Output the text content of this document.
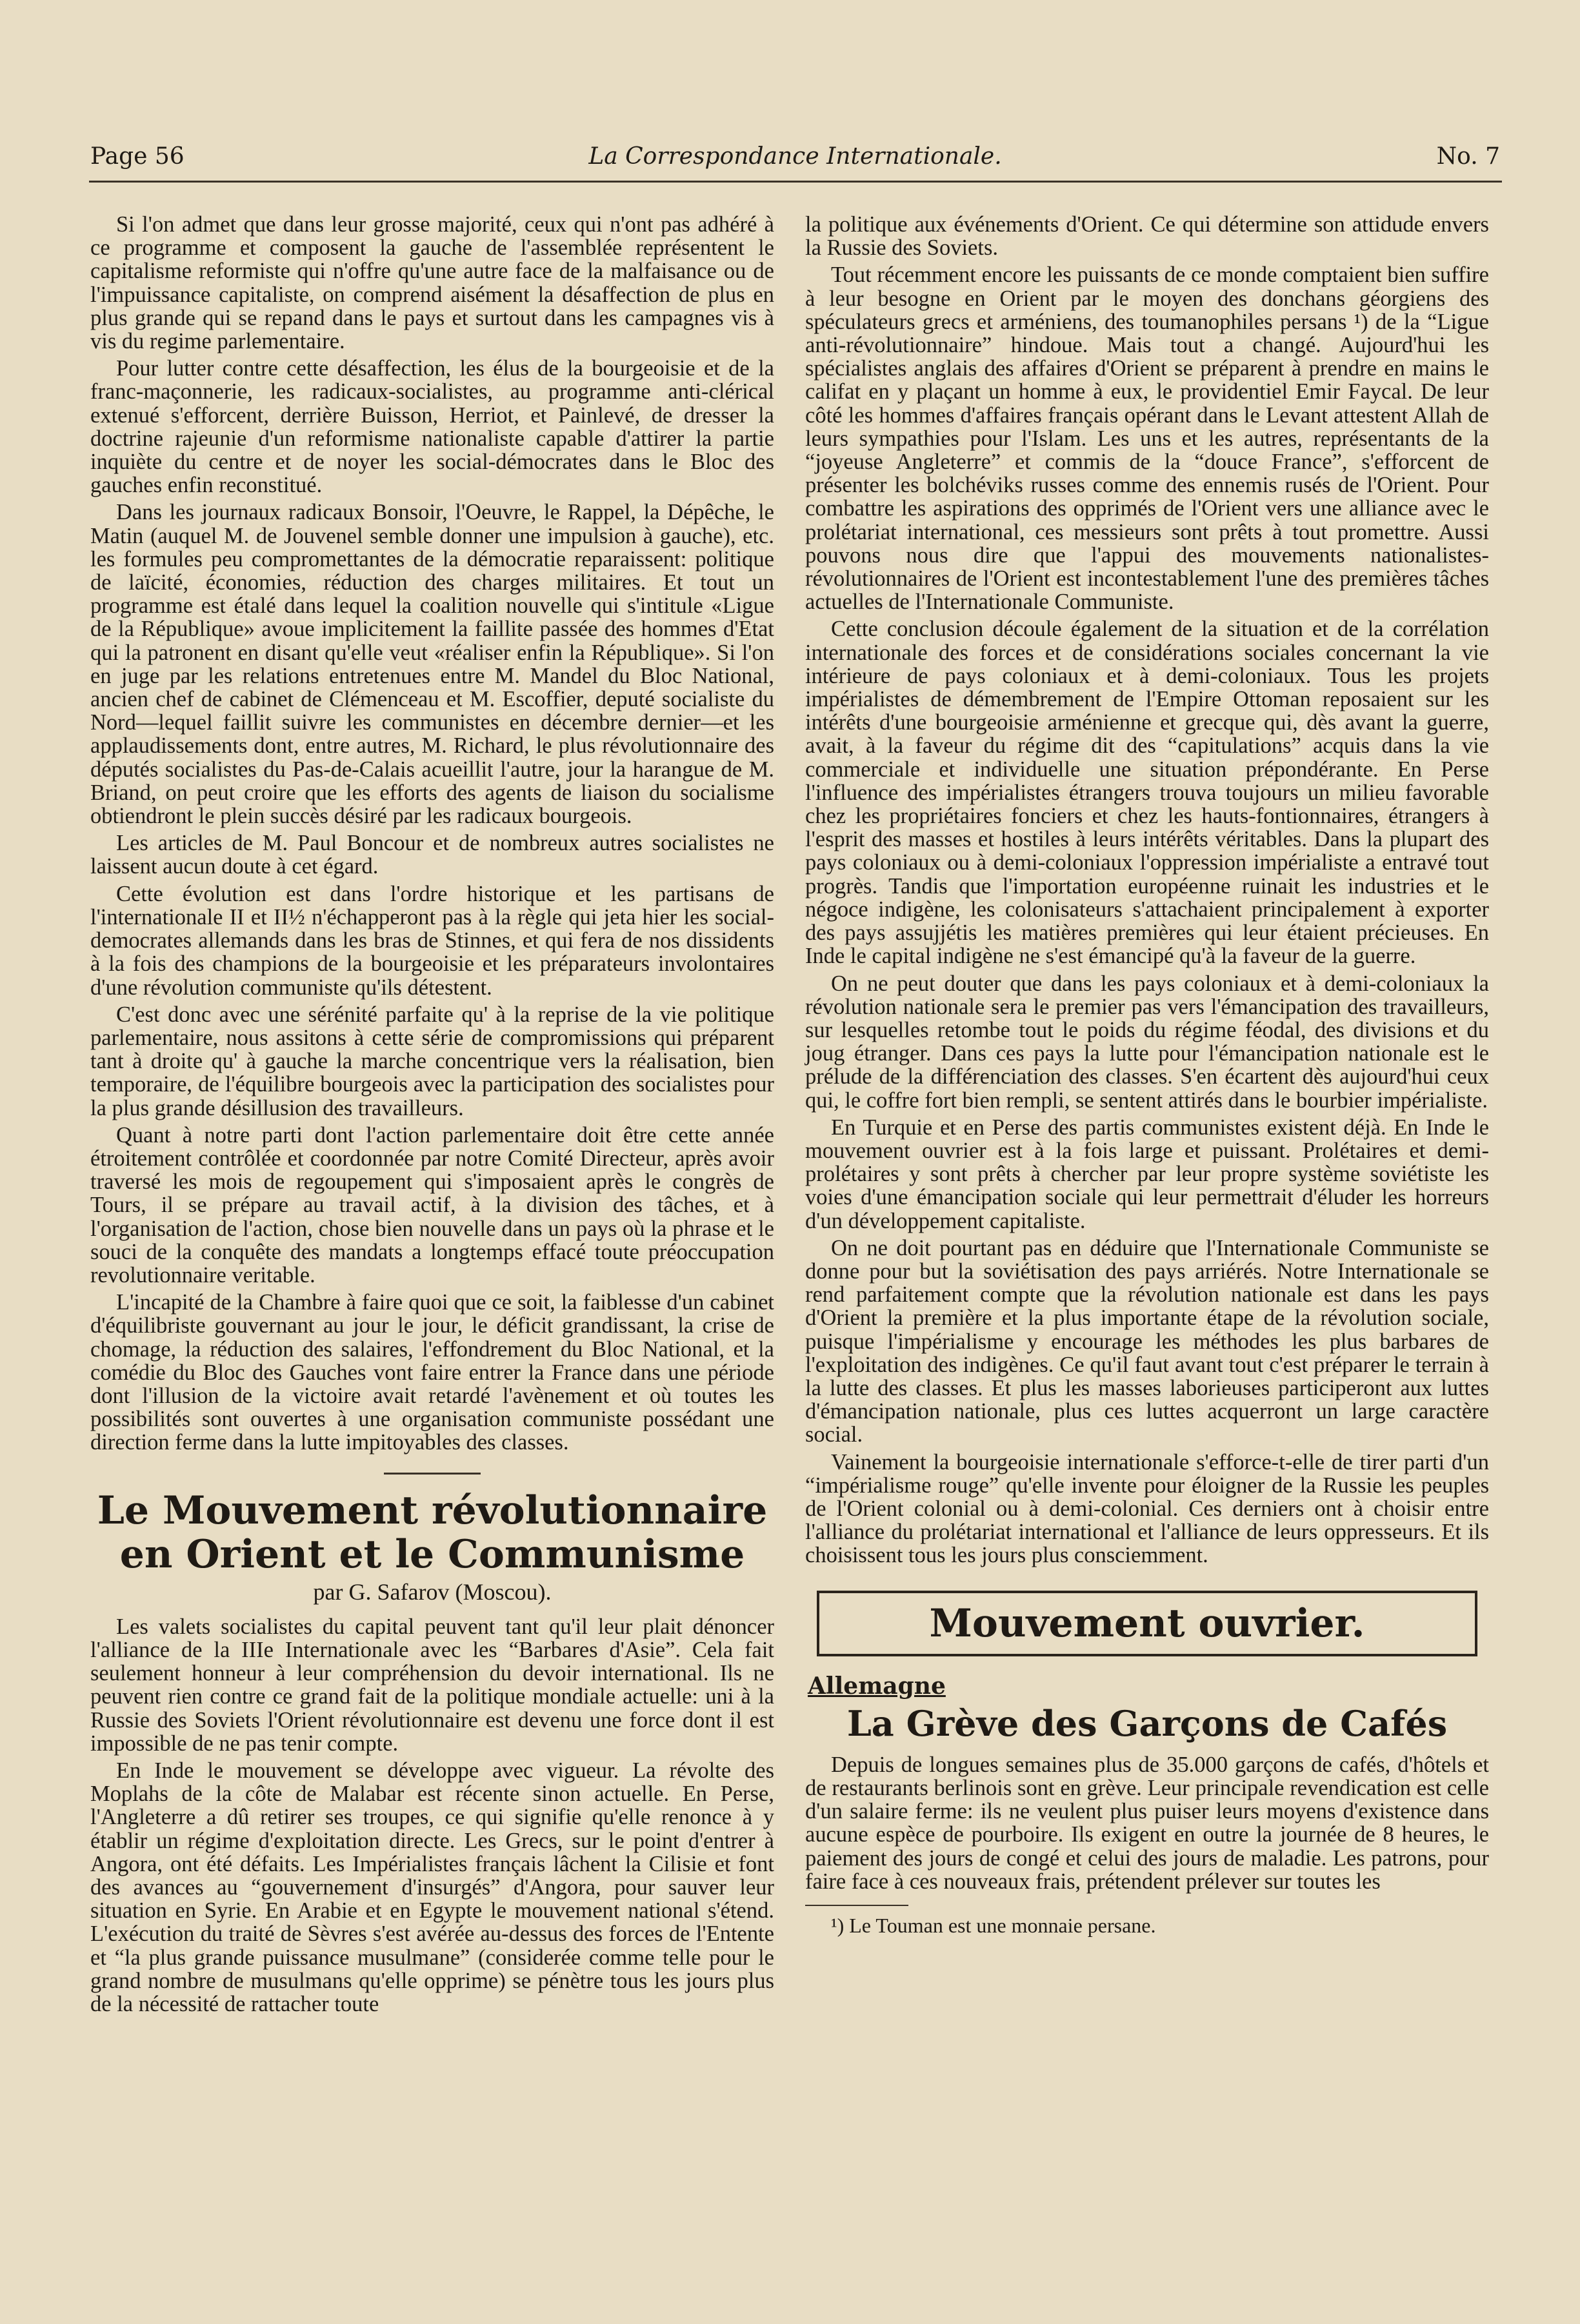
Page 56	La Correspondance Internationale.	No. 7

Si l'on admet que dans leur grosse majorité, ceux qui n'ont pas adhéré à ce programme et composent la gauche de l'assemblée représentent le capitalisme reformiste qui n'offre qu'une autre face de la malfaisance ou de l'impuissance capitaliste, on comprend aisément la désaffection de plus en plus grande qui se repand dans le pays et surtout dans les campagnes vis à vis du regime parlementaire.

Pour lutter contre cette désaffection, les élus de la bourgeoisie et de la franc-maçonnerie, les radicaux-socialistes, au programme anti-clérical extenué s'efforcent, derrière Buisson, Herriot, et Painlevé, de dresser la doctrine rajeunie d'un reformisme nationaliste capable d'attirer la partie inquiète du centre et de noyer les social-démocrates dans le Bloc des gauches enfin reconstitué.

Dans les journaux radicaux Bonsoir, l'Oeuvre, le Rappel, la Dépêche, le Matin (auquel M. de Jouvenel semble donner une impulsion à gauche), etc. les formules peu compromettantes de la démocratie reparaissent: politique de laïcité, économies, réduction des charges militaires. Et tout un programme est étalé dans lequel la coalition nouvelle qui s'intitule «Ligue de la République» avoue implicitement la faillite passée des hommes d'Etat qui la patronent en disant qu'elle veut «réaliser enfin la République». Si l'on en juge par les relations entretenues entre M. Mandel du Bloc National, ancien chef de cabinet de Clémenceau et M. Escoffier, deputé socialiste du Nord—lequel faillit suivre les communistes en décembre dernier—et les applaudissements dont, entre autres, M. Richard, le plus révolutionnaire des députés socialistes du Pas-de-Calais acueillit l'autre, jour la harangue de M. Briand, on peut croire que les efforts des agents de liaison du socialisme obtiendront le plein succès désiré par les radicaux bourgeois.

Les articles de M. Paul Boncour et de nombreux autres socialistes ne laissent aucun doute à cet égard.

Cette évolution est dans l'ordre historique et les partisans de l'internationale II et II½ n'échapperont pas à la règle qui jeta hier les social-democrates allemands dans les bras de Stinnes, et qui fera de nos dissidents à la fois des champions de la bourgeoisie et les préparateurs involontaires d'une révolution communiste qu'ils détestent.

C'est donc avec une sérénité parfaite qu' à la reprise de la vie politique parlementaire, nous assitons à cette série de compromissions qui préparent tant à droite qu' à gauche la marche concentrique vers la réalisation, bien temporaire, de l'équilibre bourgeois avec la participation des socialistes pour la plus grande désillusion des travailleurs.

Quant à notre parti dont l'action parlementaire doit être cette année étroitement contrôlée et coordonnée par notre Comité Directeur, après avoir traversé les mois de regoupement qui s'imposaient après le congrès de Tours, il se prépare au travail actif, à la division des tâches, et à l'organisation de l'action, chose bien nouvelle dans un pays où la phrase et le souci de la conquête des mandats a longtemps effacé toute préoccupation revolutionnaire veritable.

L'incapité de la Chambre à faire quoi que ce soit, la faiblesse d'un cabinet d'équilibriste gouvernant au jour le jour, le déficit grandissant, la crise de chomage, la réduction des salaires, l'effondrement du Bloc National, et la comédie du Bloc des Gauches vont faire entrer la France dans une période dont l'illusion de la victoire avait retardé l'avènement et où toutes les possibilités sont ouvertes à une organisation communiste possédant une direction ferme dans la lutte impitoyables des classes.

Le Mouvement révolutionnaire en Orient et le Communisme
par G. Safarov (Moscou).

Les valets socialistes du capital peuvent tant qu'il leur plait dénoncer l'alliance de la IIIe Internationale avec les “Barbares d'Asie”. Cela fait seulement honneur à leur compréhension du devoir international. Ils ne peuvent rien contre ce grand fait de la politique mondiale actuelle: uni à la Russie des Soviets l'Orient révolutionnaire est devenu une force dont il est impossible de ne pas tenir compte.

En Inde le mouvement se développe avec vigueur. La révolte des Moplahs de la côte de Malabar est récente sinon actuelle. En Perse, l'Angleterre a dû retirer ses troupes, ce qui signifie qu'elle renonce à y établir un régime d'exploitation directe. Les Grecs, sur le point d'entrer à Angora, ont été défaits. Les Impérialistes français lâchent la Cilisie et font des avances au “gouvernement d'insurgés” d'Angora, pour sauver leur situation en Syrie. En Arabie et en Egypte le mouvement national s'étend. L'exécution du traité de Sèvres s'est avérée au-dessus des forces de l'Entente et “la plus grande puissance musulmane” (considerée comme telle pour le grand nombre de musulmans qu'elle opprime) se pénètre tous les jours plus de la nécessité de rattacher toute

la politique aux événements d'Orient. Ce qui détermine son attidude envers la Russie des Soviets.

Tout récemment encore les puissants de ce monde comptaient bien suffire à leur besogne en Orient par le moyen des donchans géorgiens des spéculateurs grecs et arméniens, des toumanophiles persans ¹) de la “Ligue anti-révolutionnaire” hindoue. Mais tout a changé. Aujourd'hui les spécialistes anglais des affaires d'Orient se préparent à prendre en mains le califat en y plaçant un homme à eux, le providentiel Emir Faycal. De leur côté les hommes d'affaires français opérant dans le Levant attestent Allah de leurs sympathies pour l'Islam. Les uns et les autres, représentants de la “joyeuse Angleterre” et commis de la “douce France”, s'efforcent de présenter les bolchéviks russes comme des ennemis rusés de l'Orient. Pour combattre les aspirations des opprimés de l'Orient vers une alliance avec le prolétariat international, ces messieurs sont prêts à tout promettre. Aussi pouvons nous dire que l'appui des mouvements nationalistes-révolutionnaires de l'Orient est incontestablement l'une des premières tâches actuelles de l'Internationale Communiste.

Cette conclusion découle également de la situation et de la corrélation internationale des forces et de considérations sociales concernant la vie intérieure de pays coloniaux et à demi-coloniaux. Tous les projets impérialistes de démembrement de l'Empire Ottoman reposaient sur les intérêts d'une bourgeoisie arménienne et grecque qui, dès avant la guerre, avait, à la faveur du régime dit des “capitulations” acquis dans la vie commerciale et individuelle une situation prépondérante. En Perse l'influence des impérialistes étrangers trouva toujours un milieu favorable chez les propriétaires fonciers et chez les hauts-fontionnaires, étrangers à l'esprit des masses et hostiles à leurs intérêts véritables. Dans la plupart des pays coloniaux ou à demi-coloniaux l'oppression impérialiste a entravé tout progrès. Tandis que l'importation européenne ruinait les industries et le négoce indigène, les colonisateurs s'attachaient principalement à exporter des pays assujjétis les matières premières qui leur étaient précieuses. En Inde le capital indigène ne s'est émancipé qu'à la faveur de la guerre.

On ne peut douter que dans les pays coloniaux et à demi-coloniaux la révolution nationale sera le premier pas vers l'émancipation des travailleurs, sur lesquelles retombe tout le poids du régime féodal, des divisions et du joug étranger. Dans ces pays la lutte pour l'émancipation nationale est le prélude de la différenciation des classes. S'en écartent dès aujourd'hui ceux qui, le coffre fort bien rempli, se sentent attirés dans le bourbier impérialiste.

En Turquie et en Perse des partis communistes existent déjà. En Inde le mouvement ouvrier est à la fois large et puissant. Prolétaires et demi-prolétaires y sont prêts à chercher par leur propre système soviétiste les voies d'une émancipation sociale qui leur permettrait d'éluder les horreurs d'un développement capitaliste.

On ne doit pourtant pas en déduire que l'Internationale Communiste se donne pour but la soviétisation des pays arriérés. Notre Internationale se rend parfaitement compte que la révolution nationale est dans les pays d'Orient la première et la plus importante étape de la révolution sociale, puisque l'impérialisme y encourage les méthodes les plus barbares de l'exploitation des indigènes. Ce qu'il faut avant tout c'est préparer le terrain à la lutte des classes. Et plus les masses laborieuses participeront aux luttes d'émancipation nationale, plus ces luttes acquerront un large caractère social.

Vainement la bourgeoisie internationale s'efforce-t-elle de tirer parti d'un “impérialisme rouge” qu'elle invente pour éloigner de la Russie les peuples de l'Orient colonial ou à demi-colonial. Ces derniers ont à choisir entre l'alliance du prolétariat international et l'alliance de leurs oppresseurs. Et ils choisissent tous les jours plus consciemment.

Mouvement ouvrier.
Allemagne
La Grève des Garçons de Cafés

Depuis de longues semaines plus de 35.000 garçons de cafés, d'hôtels et de restaurants berlinois sont en grève. Leur principale revendication est celle d'un salaire ferme: ils ne veulent plus puiser leurs moyens d'existence dans aucune espèce de pourboire. Ils exigent en outre la journée de 8 heures, le paiement des jours de congé et celui des jours de maladie. Les patrons, pour faire face à ces nouveaux frais, prétendent prélever sur toutes les

¹) Le Touman est une monnaie persane.
